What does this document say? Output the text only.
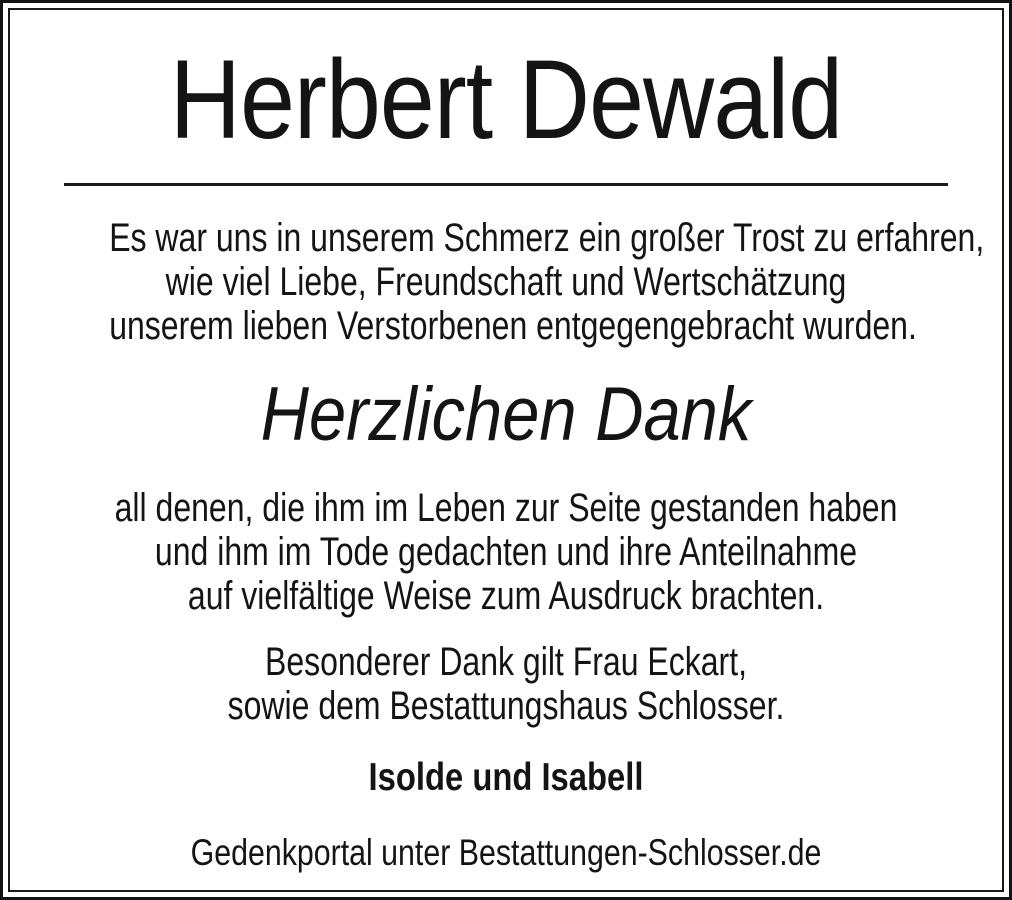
Herbert Dewald
Es war uns in unserem Schmerz ein großer Trost zu erfahren,
wie viel Liebe, Freundschaft und Wertschätzung
unserem lieben Verstorbenen entgegengebracht wurden.
Herzlichen Dank
all denen, die ihm im Leben zur Seite gestanden haben
und ihm im Tode gedachten und ihre Anteilnahme
auf vielfältige Weise zum Ausdruck brachten.
Besonderer Dank gilt Frau Eckart,
sowie dem Bestattungshaus Schlosser.
Isolde und Isabell
Gedenkportal unter Bestattungen-Schlosser.de
